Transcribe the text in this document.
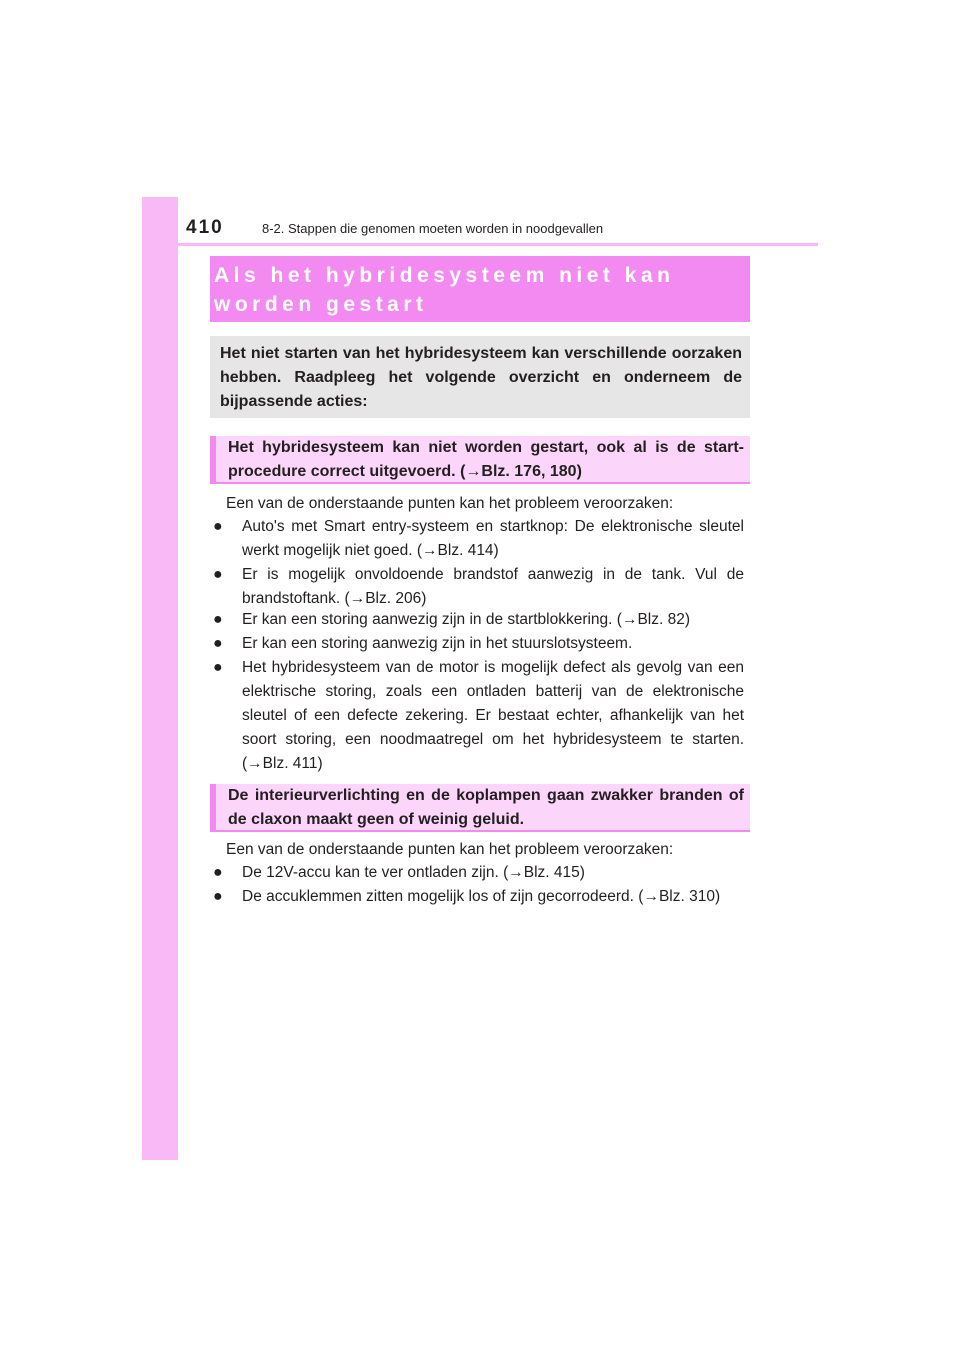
410	8-2. Stappen die genomen moeten worden in noodgevallen
Als het hybridesysteem niet kan worden gestart
Het niet starten van het hybridesysteem kan verschillende oorzaken hebben. Raadpleeg het volgende overzicht en onderneem de bijpassende acties:
Het hybridesysteem kan niet worden gestart, ook al is de start-procedure correct uitgevoerd. (→Blz. 176, 180)
Een van de onderstaande punten kan het probleem veroorzaken:
● Auto's met Smart entry-systeem en startknop: De elektronische sleutel werkt mogelijk niet goed. (→Blz. 414)
● Er is mogelijk onvoldoende brandstof aanwezig in de tank. Vul de brandstoftank. (→Blz. 206)
● Er kan een storing aanwezig zijn in de startblokkering. (→Blz. 82)
● Er kan een storing aanwezig zijn in het stuurslotsysteem.
● Het hybridesysteem van de motor is mogelijk defect als gevolg van een elektrische storing, zoals een ontladen batterij van de elektronische sleutel of een defecte zekering. Er bestaat echter, afhankelijk van het soort storing, een noodmaatregel om het hybridesysteem te starten. (→Blz. 411)
De interieurverlichting en de koplampen gaan zwakker branden of de claxon maakt geen of weinig geluid.
Een van de onderstaande punten kan het probleem veroorzaken:
● De 12V-accu kan te ver ontladen zijn. (→Blz. 415)
● De accuklemmen zitten mogelijk los of zijn gecorrodeerd. (→Blz. 310)
